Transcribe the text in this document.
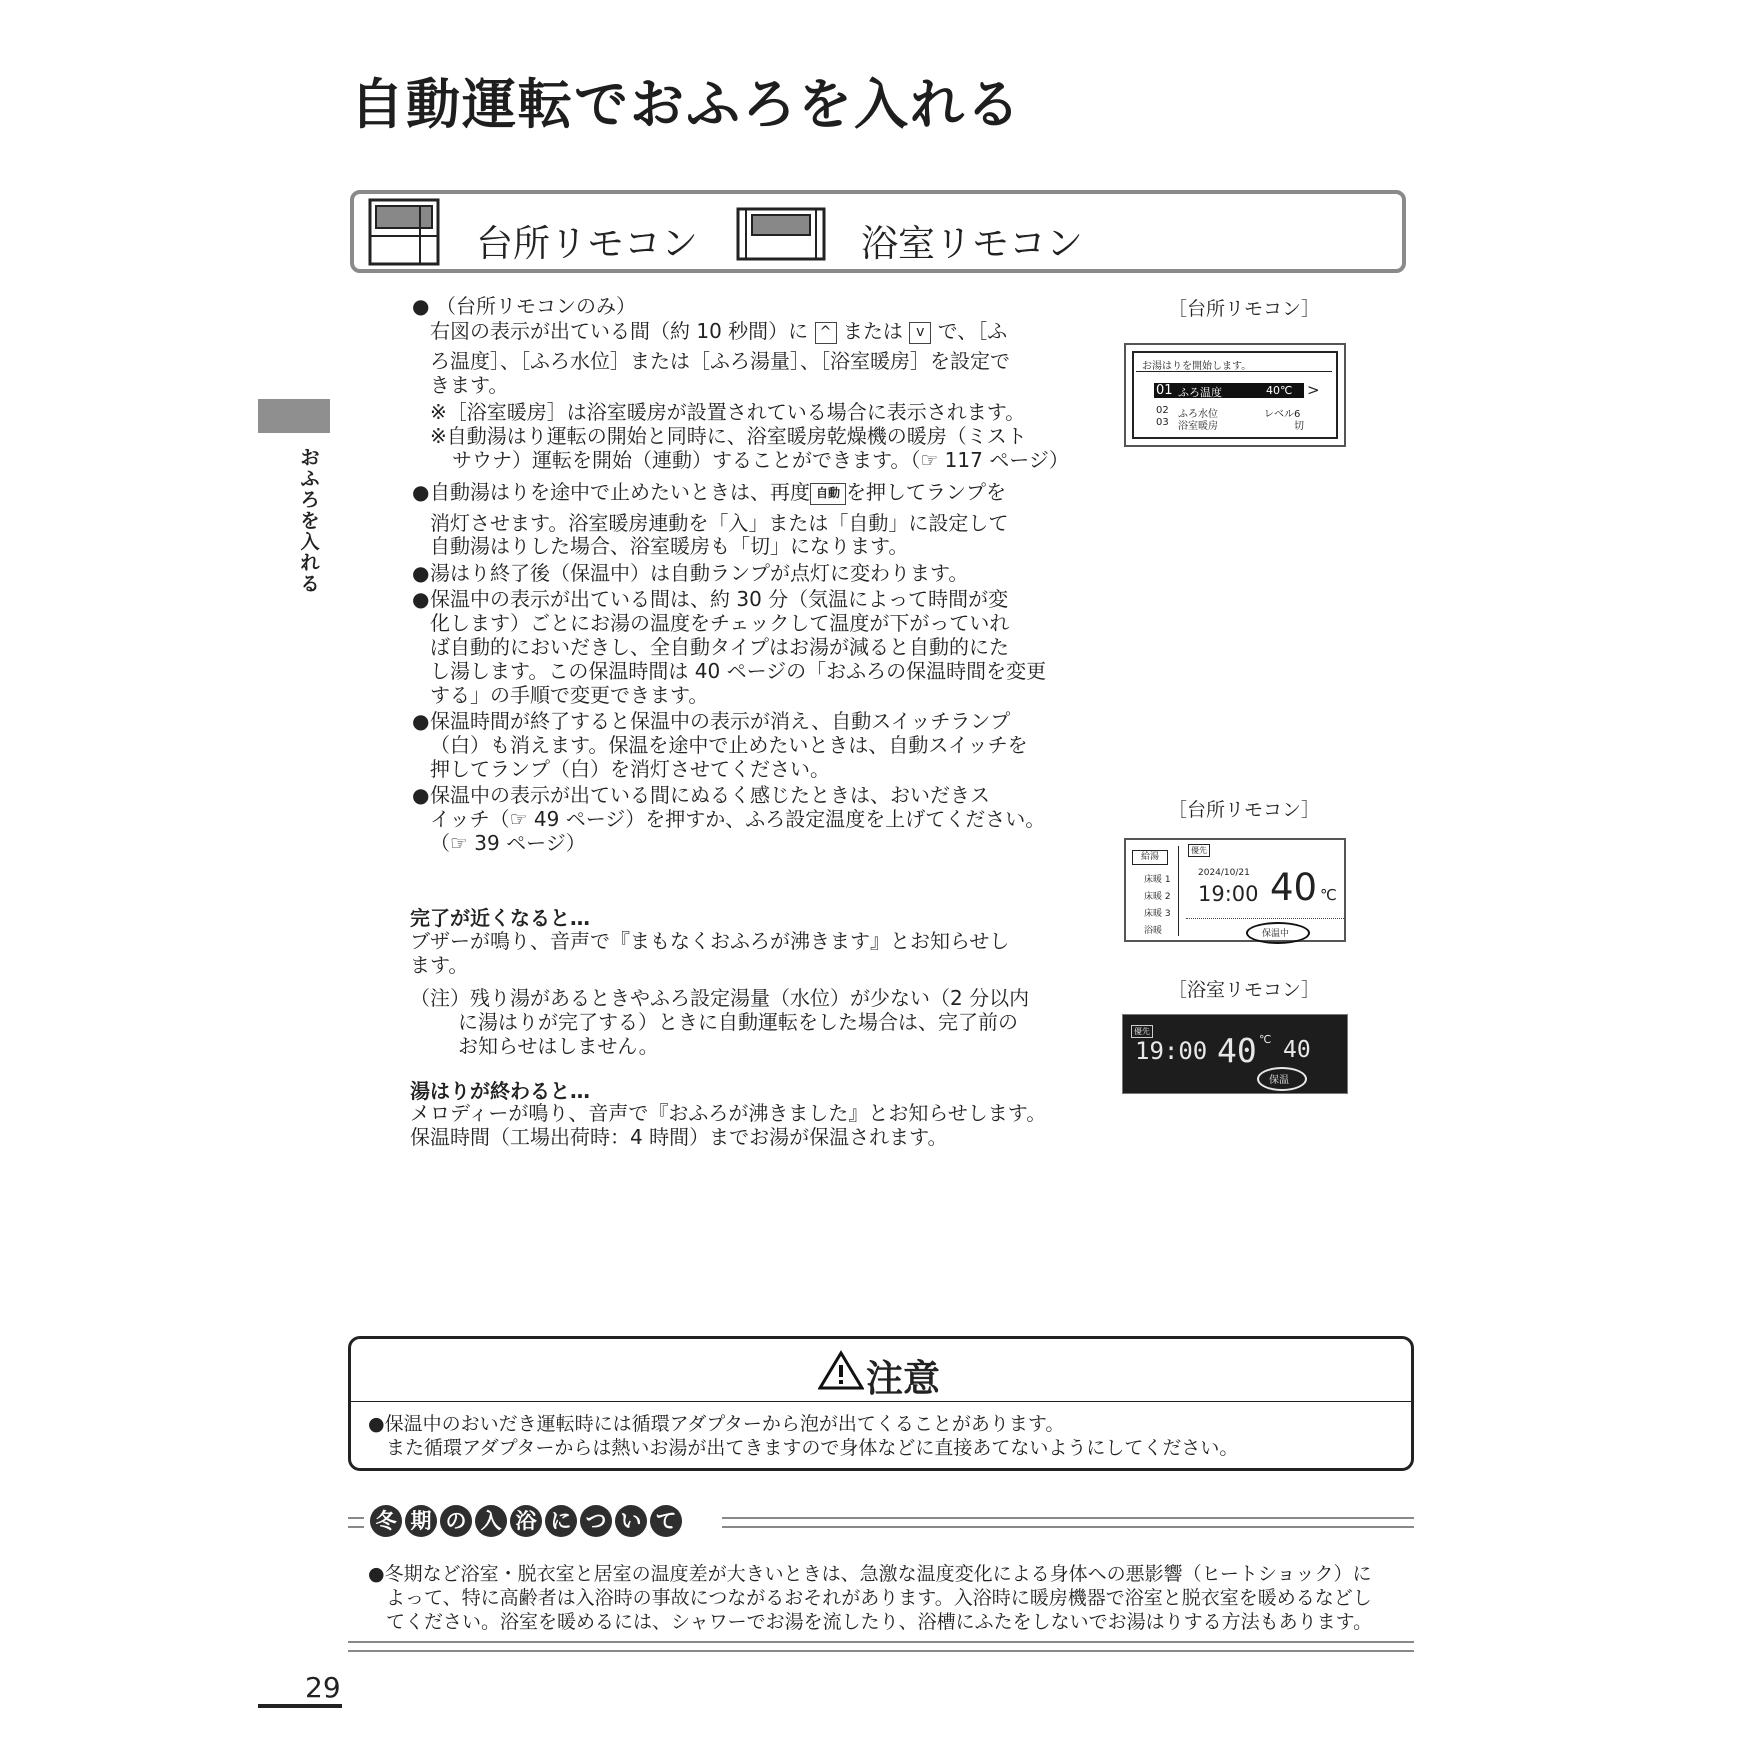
自動運転でおふろを入れる
台所リモコン	浴室リモコン
おふろを入れる
● （台所リモコンのみ）
右図の表示が出ている間（約 10 秒間）に ^ または v で、［ふ
ろ温度］、［ふろ水位］または［ふろ湯量］、［浴室暖房］を設定で
きます。
※［浴室暖房］は浴室暖房が設置されている場合に表示されます。
※自動湯はり運転の開始と同時に、浴室暖房乾燥機の暖房（ミスト
サウナ）運転を開始（連動）することができます。（☞ 117 ページ）
● 自動湯はりを途中で止めたいときは、再度 自動 を押してランプを
消灯させます。浴室暖房連動を「入」または「自動」に設定して
自動湯はりした場合、浴室暖房も「切」になります。
● 湯はり終了後（保温中）は自動ランプが点灯に変わります。
● 保温中の表示が出ている間は、約 30 分（気温によって時間が変
化します）ごとにお湯の温度をチェックして温度が下がっていれ
ば自動的においだきし、全自動タイプはお湯が減ると自動的にた
し湯します。この保温時間は 40 ページの「おふろの保温時間を変更
する」の手順で変更できます。
● 保温時間が終了すると保温中の表示が消え、自動スイッチランプ
（白）も消えます。保温を途中で止めたいときは、自動スイッチを
押してランプ（白）を消灯させてください。
● 保温中の表示が出ている間にぬるく感じたときは、おいだきス
イッチ（☞ 49 ページ）を押すか、ふろ設定温度を上げてください。
（☞ 39 ページ）
完了が近くなると…
ブザーが鳴り、音声で『まもなくおふろが沸きます』とお知らせし
ます。
（注）残り湯があるときやふろ設定湯量（水位）が少ない（2 分以内
に湯はりが完了する）ときに自動運転をした場合は、完了前の
お知らせはしません。
湯はりが終わると…
メロディーが鳴り、音声で『おふろが沸きました』とお知らせします。
保温時間（工場出荷時：4 時間）までお湯が保温されます。
［台所リモコン］
お湯はりを開始します。
01 ふろ温度	40℃ >
02 ふろ水位	レベル6
03 浴室暖房	切
［台所リモコン］
給湯
床暖 1
床暖 2
床暖 3
浴暖
優先
2024/10/21
19:00 40 ℃
保温中
［浴室リモコン］
優先
19:00 40 ℃ 40
保温
注意
●保温中のおいだき運転時には循環アダプターから泡が出てくることがあります。
また循環アダプターからは熱いお湯が出てきますので身体などに直接あてないようにしてください。
冬 期 の 入 浴 に つ い て
●冬期など浴室・脱衣室と居室の温度差が大きいときは、急激な温度変化による身体への悪影響（ヒートショック）に
よって、特に高齢者は入浴時の事故につながるおそれがあります。入浴時に暖房機器で浴室と脱衣室を暖めるなどし
てください。浴室を暖めるには、シャワーでお湯を流したり、浴槽にふたをしないでお湯はりする方法もあります。
29
